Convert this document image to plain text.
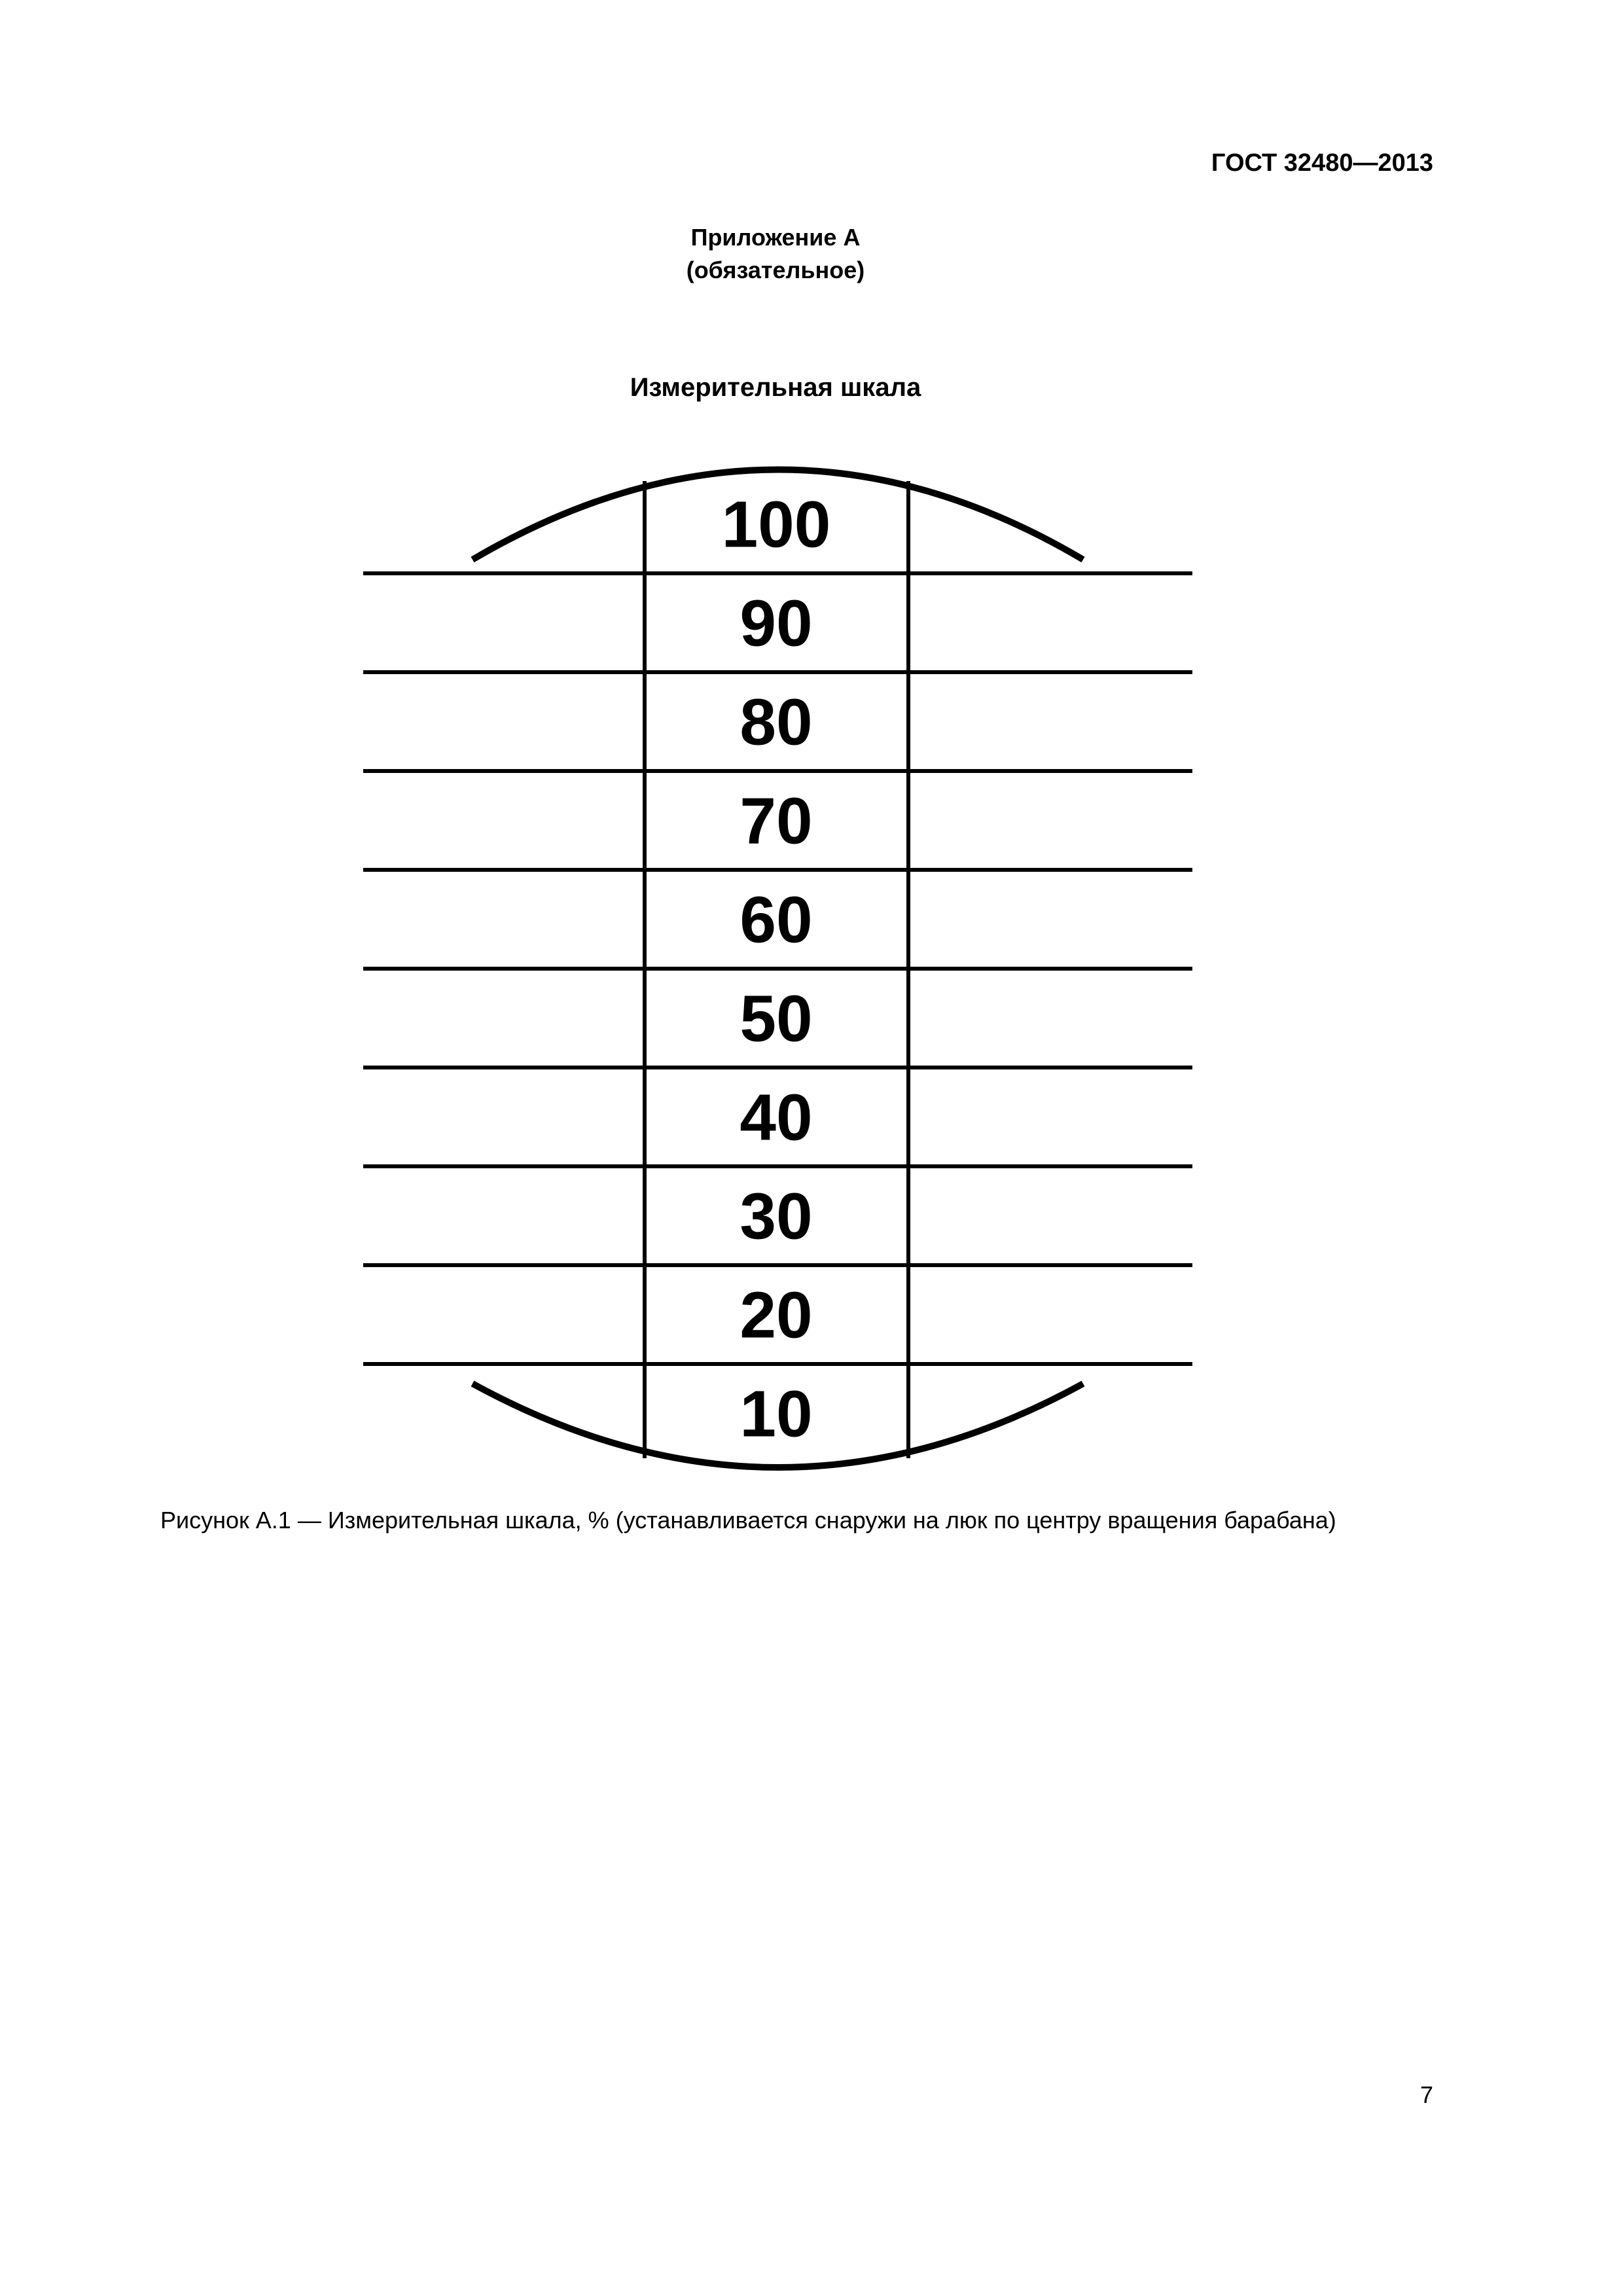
ГОСТ 32480—2013
Приложение А
(обязательное)
Измерительная шкала
100
90
80
70
60
50
40
30
20
10
Рисунок А.1 — Измерительная шкала, % (устанавливается снаружи на люк по центру вращения барабана)
7
